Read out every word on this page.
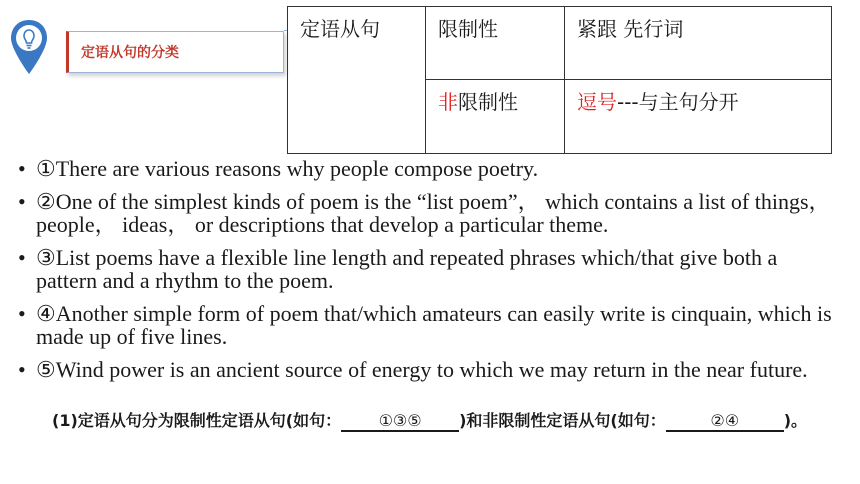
定语从句的分类
定语从句	限制性	紧跟 先行词
	非限制性	逗号---与主句分开
• ①There are various reasons why people compose poetry.
• ②One of the simplest kinds of poem is the “list poem”， which contains a list of things， people， ideas， or descriptions that develop a particular theme.
• ③List poems have a flexible line length and repeated phrases which/that give both a pattern and a rhythm to the poem.
• ④Another simple form of poem that/which amateurs can easily write is cinquain, which is made up of five lines.
• ⑤Wind power is an ancient source of energy to which we may return in the near future.
(1)定语从句分为限制性定语从句(如句： ①③⑤ )和非限制性定语从句(如句：	②④	)。
